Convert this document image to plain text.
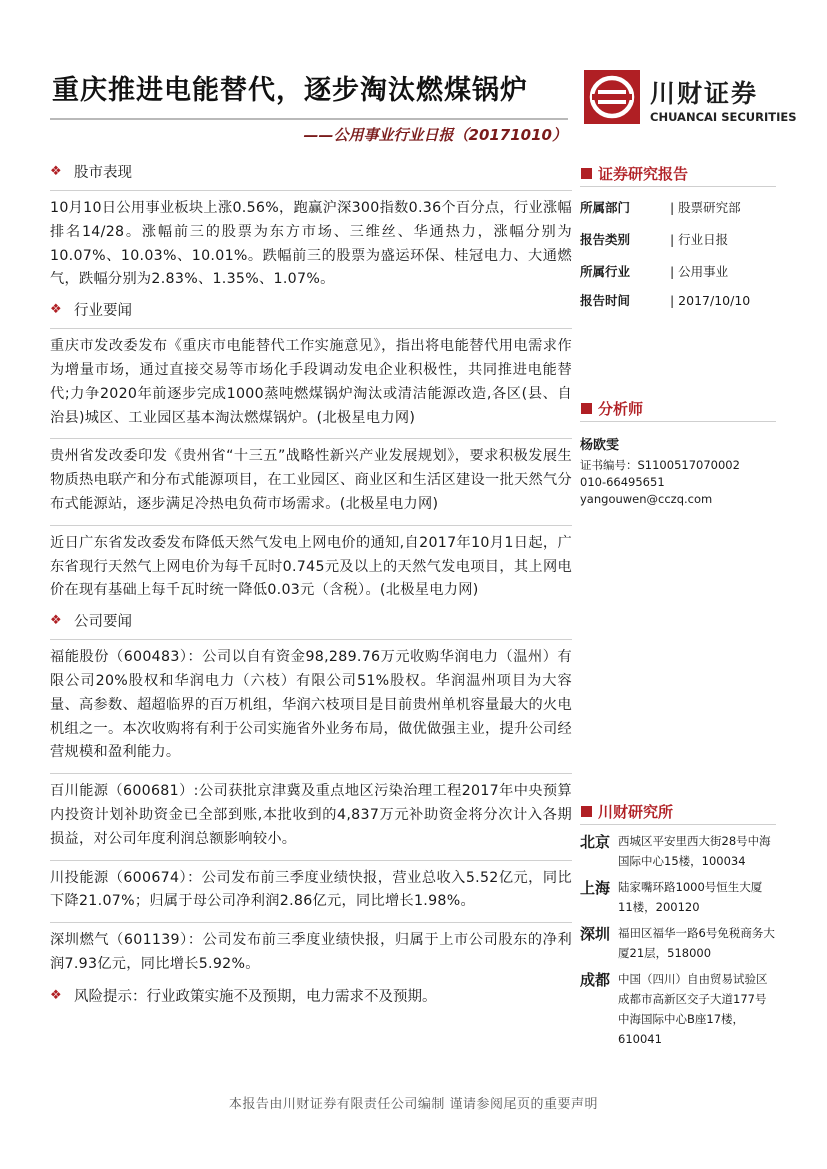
重庆推进电能替代，逐步淘汰燃煤锅炉
——公用事业行业日报（20171010）
川财证券
CHUANCAI SECURITIES
❖ 股市表现

10月10日公用事业板块上涨0.56%，跑赢沪深300指数0.36个百分点，行业涨幅排名14/28。涨幅前三的股票为东方市场、三维丝、华通热力，涨幅分别为10.07%、10.03%、10.01%。跌幅前三的股票为盛运环保、桂冠电力、大通燃气，跌幅分别为2.83%、1.35%、1.07%。

❖ 行业要闻

重庆市发改委发布《重庆市电能替代工作实施意见》，指出将电能替代用电需求作为增量市场，通过直接交易等市场化手段调动发电企业积极性，共同推进电能替代;力争2020年前逐步完成1000蒸吨燃煤锅炉淘汰或清洁能源改造,各区(县、自治县)城区、工业园区基本淘汰燃煤锅炉。(北极星电力网)

贵州省发改委印发《贵州省“十三五”战略性新兴产业发展规划》，要求积极发展生物质热电联产和分布式能源项目，在工业园区、商业区和生活区建设一批天然气分布式能源站，逐步满足冷热电负荷市场需求。(北极星电力网)

近日广东省发改委发布降低天然气发电上网电价的通知,自2017年10月1日起，广东省现行天然气上网电价为每千瓦时0.745元及以上的天然气发电项目，其上网电价在现有基础上每千瓦时统一降低0.03元（含税）。(北极星电力网)

❖ 公司要闻

福能股份（600483）：公司以自有资金98,289.76万元收购华润电力（温州）有限公司20%股权和华润电力（六枝）有限公司51%股权。华润温州项目为大容量、高参数、超超临界的百万机组，华润六枝项目是目前贵州单机容量最大的火电机组之一。本次收购将有利于公司实施省外业务布局，做优做强主业，提升公司经营规模和盈利能力。

百川能源（600681）:公司获批京津冀及重点地区污染治理工程2017年中央预算内投资计划补助资金已全部到账,本批收到的4,837万元补助资金将分次计入各期损益，对公司年度利润总额影响较小。

川投能源（600674）：公司发布前三季度业绩快报，营业总收入5.52亿元，同比下降21.07%；归属于母公司净利润2.86亿元，同比增长1.98%。

深圳燃气（601139）：公司发布前三季度业绩快报，归属于上市公司股东的净利润7.93亿元，同比增长5.92%。

❖ 风险提示：行业政策实施不及预期，电力需求不及预期。
证券研究报告
所属部门	| 股票研究部
报告类别	| 行业日报
所属行业	| 公用事业
报告时间	| 2017/10/10
分析师
杨欧雯
证书编号：S1100517070002
010-66495651
yangouwen@cczq.com
川财研究所
北京 西城区平安里西大街28号中海国际中心15楼，100034
上海 陆家嘴环路1000号恒生大厦11楼，200120
深圳 福田区福华一路6号免税商务大厦21层，518000
成都 中国（四川）自由贸易试验区成都市高新区交子大道177号中海国际中心B座17楼，610041
本报告由川财证券有限责任公司编制 谨请参阅尾页的重要声明
